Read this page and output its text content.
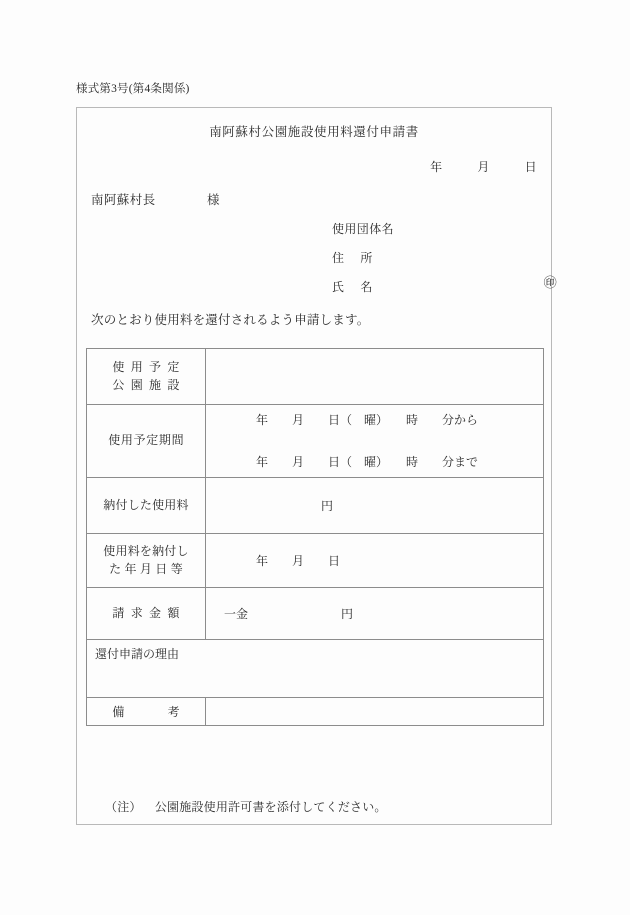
様式第3号(第4条関係)
南阿蘇村公園施設使用料還付申請書
年	月	日
南阿蘇村長	様
使用団体名
住所
氏名	㊞
次のとおり使用料を還付されるよう申請します。
使用予定
公園施設	

使用予定期間	年　　月　　日（　曜）　　時　　分から
年　　月　　日（　曜）　　時　　分まで

納付した使用料	円

使用料を納付し
た 年 月 日 等	年　　月　　日

請求金額	一金 円

還付申請の理由	

備考	

（注） 公園施設使用許可書を添付してください。
